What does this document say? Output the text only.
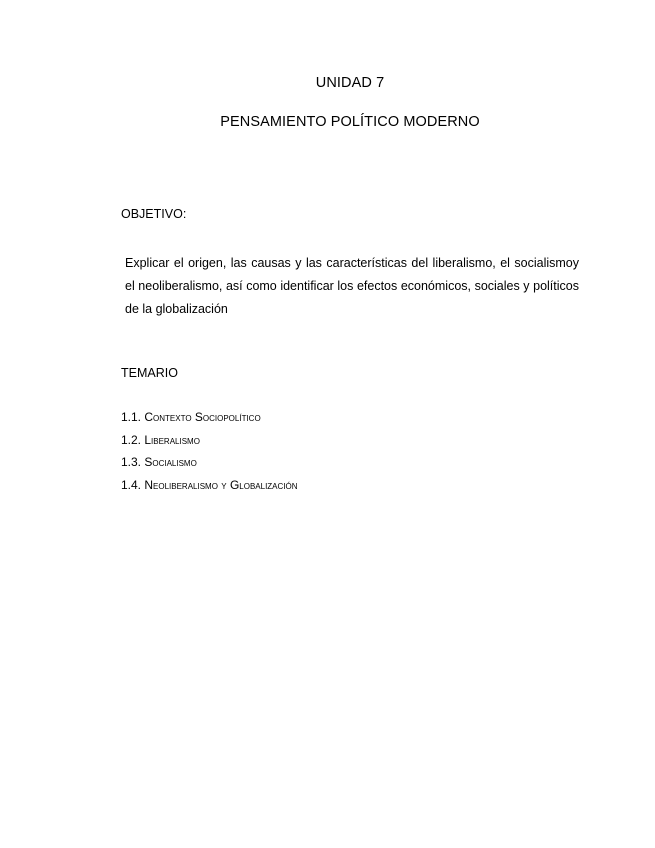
UNIDAD 7
PENSAMIENTO POLÍTICO MODERNO
OBJETIVO:
Explicar el origen, las causas y las características del liberalismo, el socialismoy el neoliberalismo, así como identificar los efectos económicos, sociales y políticos de la globalización
TEMARIO
1.1. Contexto Sociopolítico
1.2. Liberalismo
1.3. Socialismo
1.4. Neoliberalismo y Globalización
